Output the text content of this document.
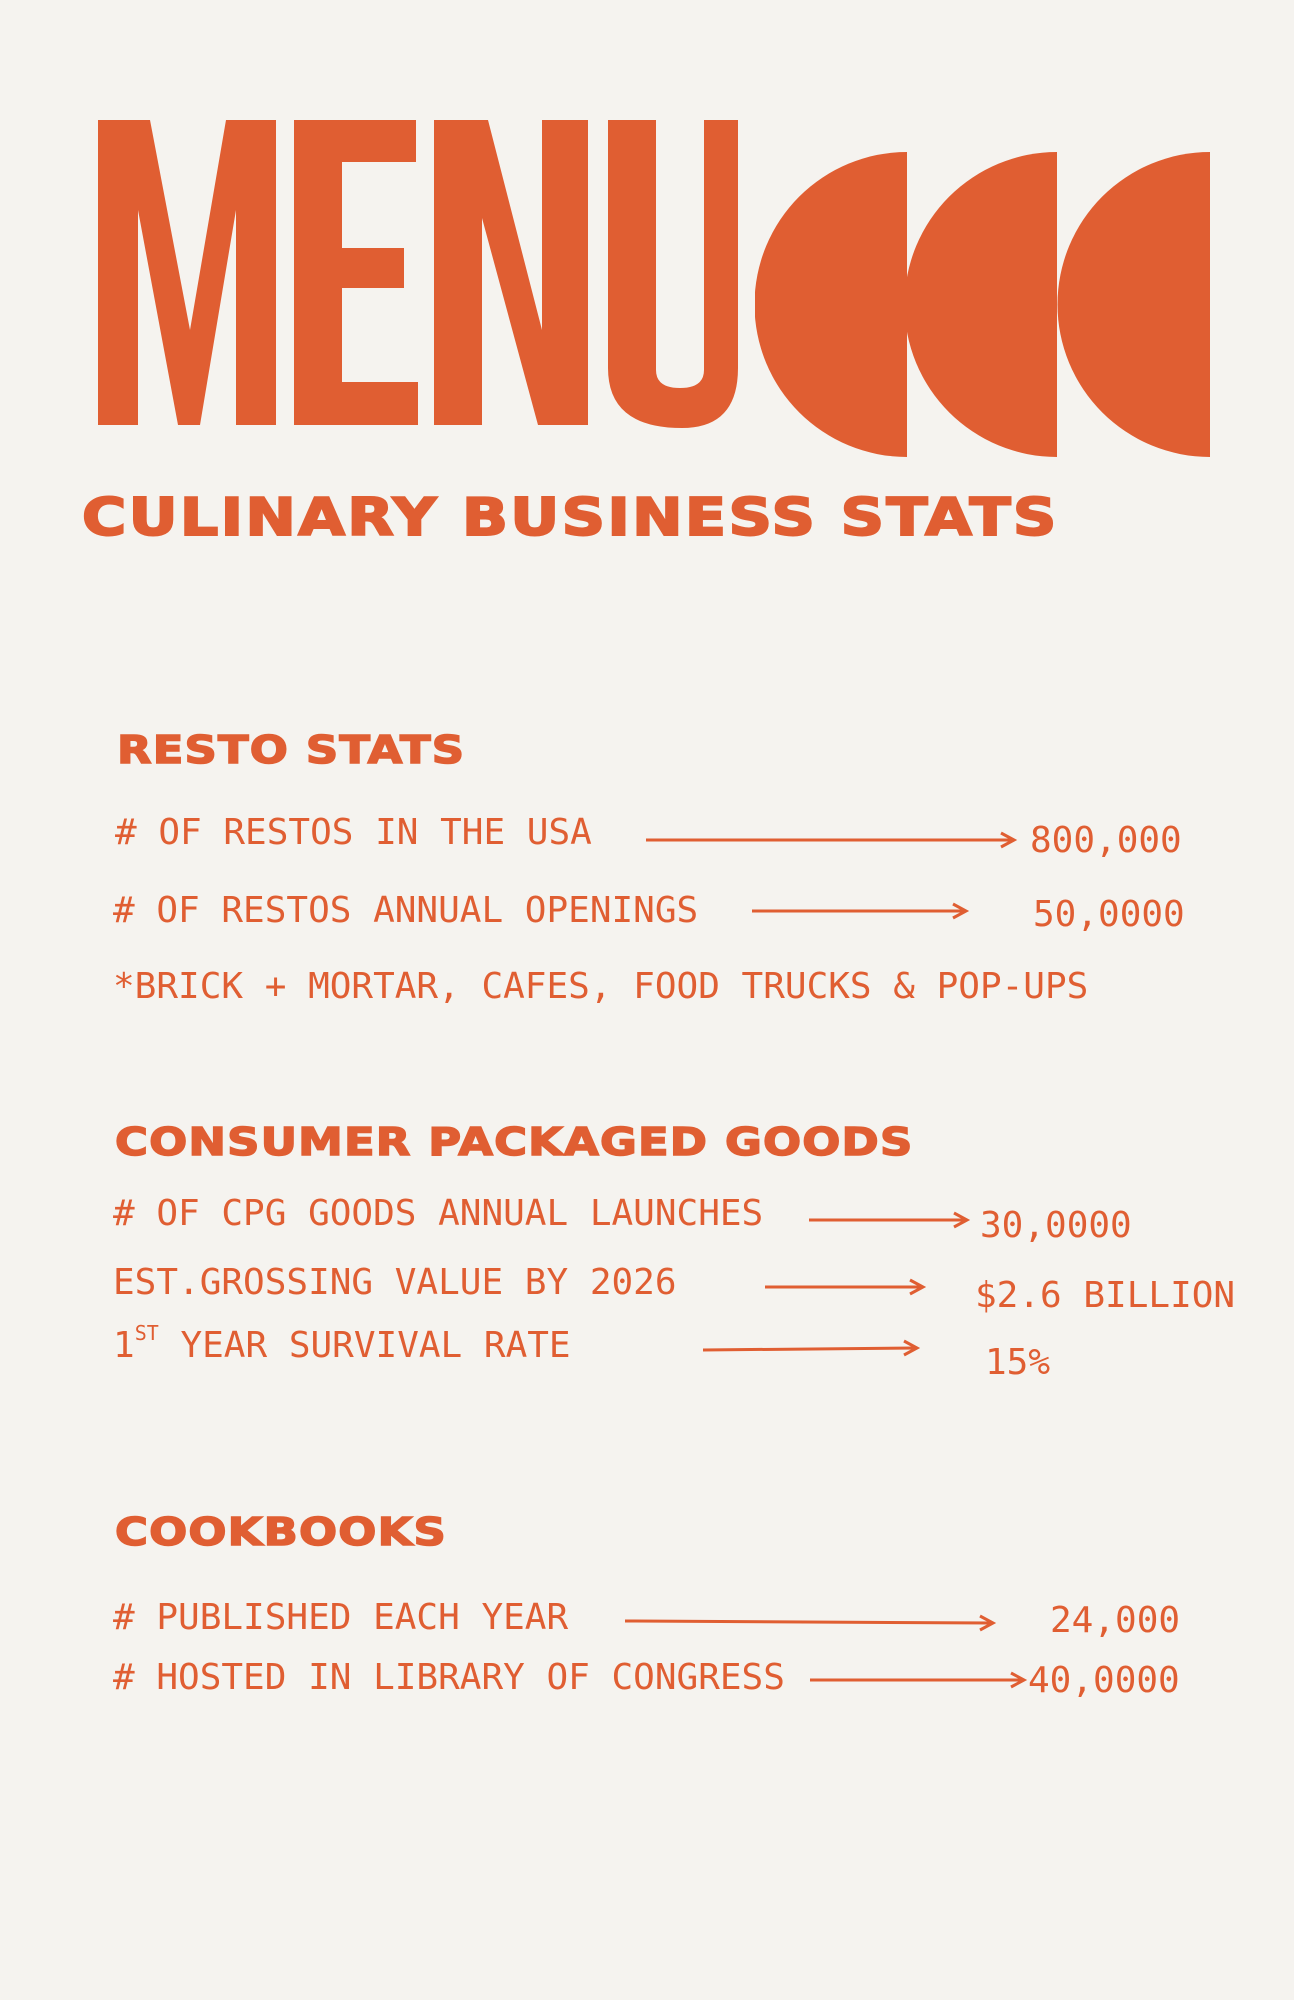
CULINARY BUSINESS STATS
RESTO STATS
# OF RESTOS IN THE USA	800,000
# OF RESTOS ANNUAL OPENINGS	50,0000
*BRICK + MORTAR, CAFES, FOOD TRUCKS & POP-UPS
CONSUMER PACKAGED GOODS
# OF CPG GOODS ANNUAL LAUNCHES	30,0000
EST.GROSSING VALUE BY 2026	$2.6 BILLION
1ST YEAR SURVIVAL RATE	15%
COOKBOOKS
# PUBLISHED EACH YEAR	24,000
# HOSTED IN LIBRARY OF CONGRESS	40,0000
